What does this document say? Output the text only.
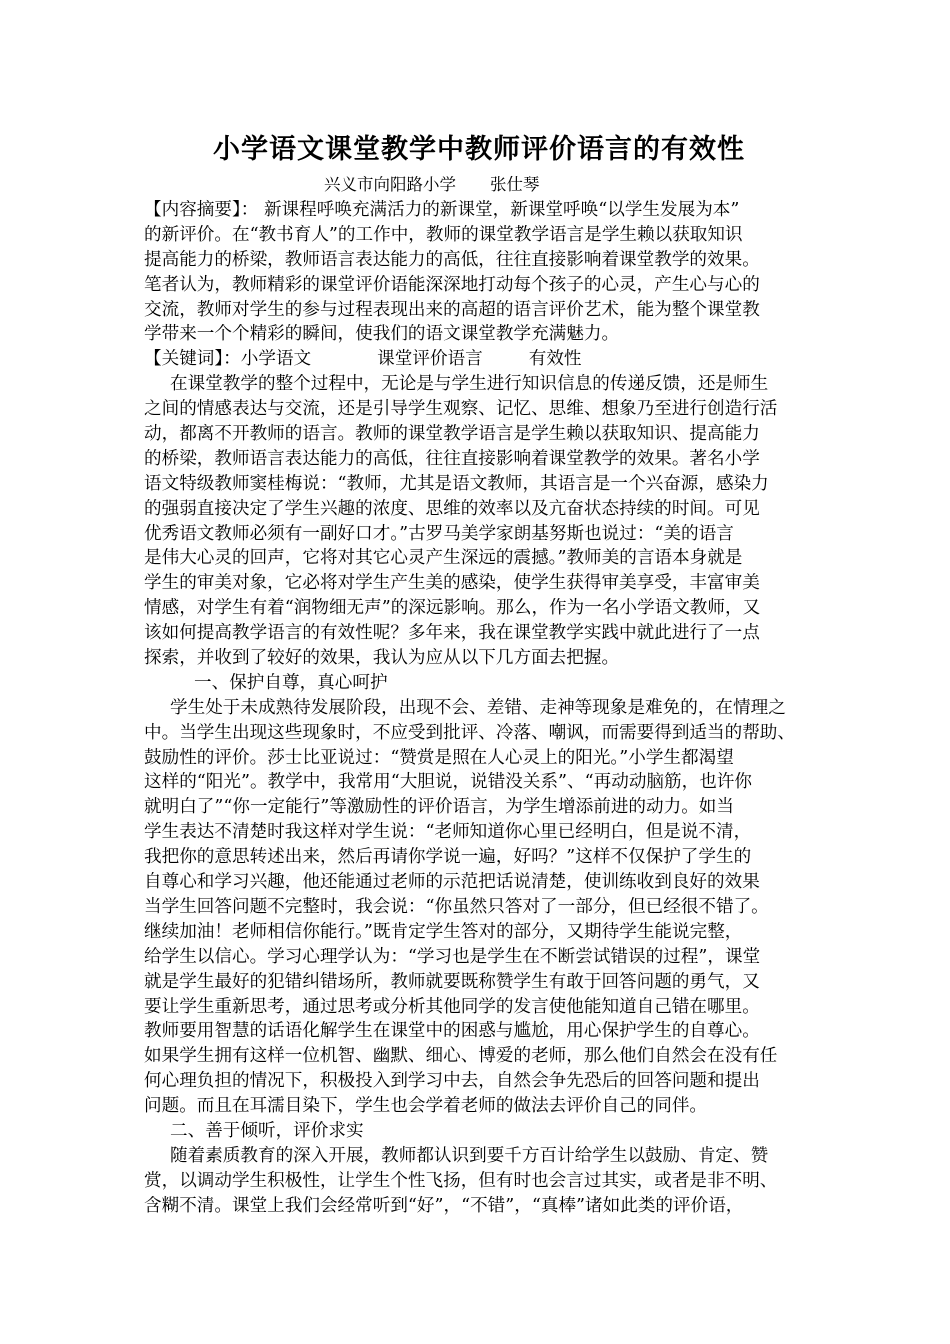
小学语文课堂教学中教师评价语言的有效性
兴义市向阳路小学 张仕琴
【内容摘要】： 新课程呼唤充满活力的新课堂，新课堂呼唤“以学生发展为本”
的新评价。在“教书育人”的工作中，教师的课堂教学语言是学生赖以获取知识
提高能力的桥梁，教师语言表达能力的高低，往往直接影响着课堂教学的效果。
笔者认为，教师精彩的课堂评价语能深深地打动每个孩子的心灵，产生心与心的
交流，教师对学生的参与过程表现出来的高超的语言评价艺术，能为整个课堂教
学带来一个个精彩的瞬间，使我们的语文课堂教学充满魅力。
【关键词】：小学语文	课堂评价语言	有效性
在课堂教学的整个过程中，无论是与学生进行知识信息的传递反馈，还是师生
之间的情感表达与交流，还是引导学生观察、记忆、思维、想象乃至进行创造行活
动，都离不开教师的语言。教师的课堂教学语言是学生赖以获取知识、提高能力
的桥梁，教师语言表达能力的高低，往往直接影响着课堂教学的效果。著名小学
语文特级教师窦桂梅说：“教师，尤其是语文教师，其语言是一个兴奋源，感染力
的强弱直接决定了学生兴趣的浓度、思维的效率以及亢奋状态持续的时间。可见
优秀语文教师必须有一副好口才。”古罗马美学家朗基努斯也说过：“美的语言
是伟大心灵的回声，它将对其它心灵产生深远的震撼。”教师美的言语本身就是
学生的审美对象，它必将对学生产生美的感染，使学生获得审美享受，丰富审美
情感，对学生有着“润物细无声”的深远影响。那么，作为一名小学语文教师，又
该如何提高教学语言的有效性呢？多年来，我在课堂教学实践中就此进行了一点
探索，并收到了较好的效果，我认为应从以下几方面去把握。
一、保护自尊，真心呵护
学生处于未成熟待发展阶段，出现不会、差错、走神等现象是难免的，在情理之
中。当学生出现这些现象时，不应受到批评、冷落、嘲讽，而需要得到适当的帮助、
鼓励性的评价。莎士比亚说过：“赞赏是照在人心灵上的阳光。”小学生都渴望
这样的“阳光”。教学中，我常用“大胆说，说错没关系”、“再动动脑筋，也许你
就明白了”“你一定能行”等激励性的评价语言，为学生增添前进的动力。如当
学生表达不清楚时我这样对学生说：“老师知道你心里已经明白，但是说不清，
我把你的意思转述出来，然后再请你学说一遍，好吗？”这样不仅保护了学生的
自尊心和学习兴趣，他还能通过老师的示范把话说清楚，使训练收到良好的效果
当学生回答问题不完整时，我会说：“你虽然只答对了一部分，但已经很不错了。
继续加油！老师相信你能行。”既肯定学生答对的部分，又期待学生能说完整，
给学生以信心。学习心理学认为：“学习也是学生在不断尝试错误的过程”，课堂
就是学生最好的犯错纠错场所，教师就要既称赞学生有敢于回答问题的勇气，又
要让学生重新思考，通过思考或分析其他同学的发言使他能知道自己错在哪里。
教师要用智慧的话语化解学生在课堂中的困惑与尴尬，用心保护学生的自尊心。
如果学生拥有这样一位机智、幽默、细心、博爱的老师，那么他们自然会在没有任
何心理负担的情况下，积极投入到学习中去，自然会争先恐后的回答问题和提出
问题。而且在耳濡目染下，学生也会学着老师的做法去评价自己的同伴。
二、善于倾听，评价求实
随着素质教育的深入开展，教师都认识到要千方百计给学生以鼓励、肯定、赞
赏，以调动学生积极性，让学生个性飞扬，但有时也会言过其实，或者是非不明、
含糊不清。课堂上我们会经常听到“好”，“不错”，“真棒”诸如此类的评价语，
